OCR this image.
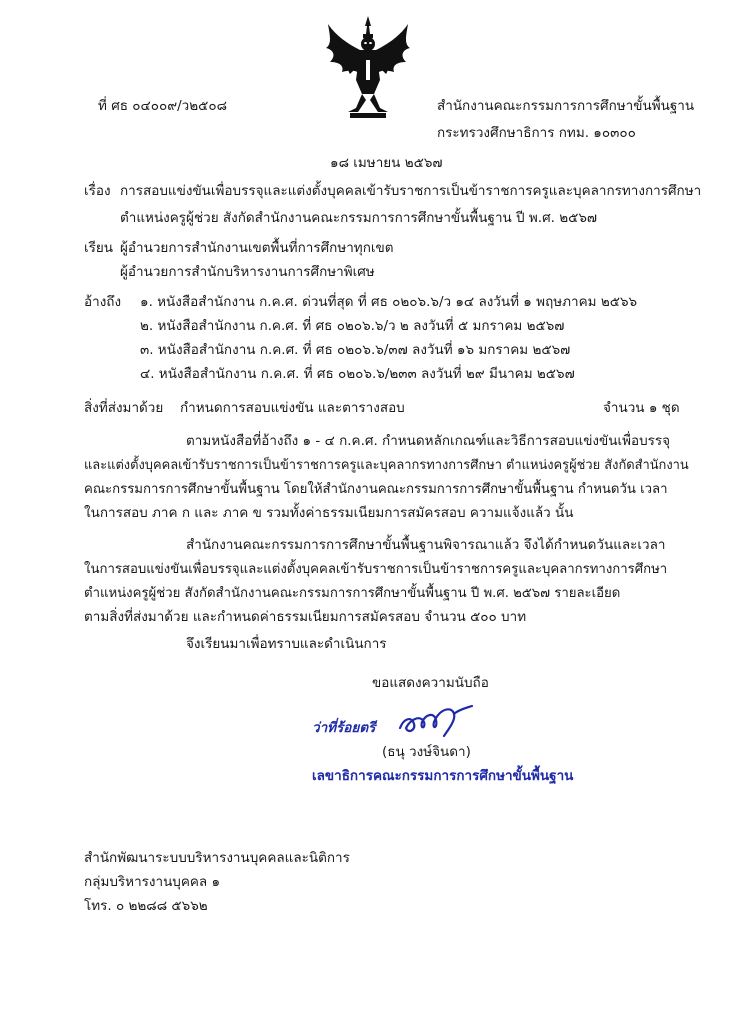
ที่ ศธ ๐๔๐๐๙/ว๒๕๐๘	สำนักงานคณะกรรมการการศึกษาขั้นพื้นฐาน
กระทรวงศึกษาธิการ กทม. ๑๐๓๐๐
๑๘ เมษายน ๒๕๖๗
เรื่อง การสอบแข่งขันเพื่อบรรจุและแต่งตั้งบุคคลเข้ารับราชการเป็นข้าราชการครูและบุคลากรทางการศึกษา
ตำแหน่งครูผู้ช่วย สังกัดสำนักงานคณะกรรมการการศึกษาขั้นพื้นฐาน ปี พ.ศ. ๒๕๖๗
เรียน ผู้อำนวยการสำนักงานเขตพื้นที่การศึกษาทุกเขต
ผู้อำนวยการสำนักบริหารงานการศึกษาพิเศษ
อ้างถึง ๑. หนังสือสำนักงาน ก.ค.ศ. ด่วนที่สุด ที่ ศธ ๐๒๐๖.๖/ว ๑๔ ลงวันที่ ๑ พฤษภาคม ๒๕๖๖
๒. หนังสือสำนักงาน ก.ค.ศ. ที่ ศธ ๐๒๐๖.๖/ว ๒ ลงวันที่ ๕ มกราคม ๒๕๖๗
๓. หนังสือสำนักงาน ก.ค.ศ. ที่ ศธ ๐๒๐๖.๖/๓๗ ลงวันที่ ๑๖ มกราคม ๒๕๖๗
๔. หนังสือสำนักงาน ก.ค.ศ. ที่ ศธ ๐๒๐๖.๖/๒๓๓ ลงวันที่ ๒๙ มีนาคม ๒๕๖๗
สิ่งที่ส่งมาด้วย กำหนดการสอบแข่งขัน และตารางสอบ	จำนวน ๑ ชุด
ตามหนังสือที่อ้างถึง ๑ - ๔ ก.ค.ศ. กำหนดหลักเกณฑ์และวิธีการสอบแข่งขันเพื่อบรรจุ
และแต่งตั้งบุคคลเข้ารับราชการเป็นข้าราชการครูและบุคลากรทางการศึกษา ตำแหน่งครูผู้ช่วย สังกัดสำนักงาน
คณะกรรมการการศึกษาขั้นพื้นฐาน โดยให้สำนักงานคณะกรรมการการศึกษาขั้นพื้นฐาน กำหนดวัน เวลา
ในการสอบ ภาค ก และ ภาค ข รวมทั้งค่าธรรมเนียมการสมัครสอบ ความแจ้งแล้ว นั้น
สำนักงานคณะกรรมการการศึกษาขั้นพื้นฐานพิจารณาแล้ว จึงได้กำหนดวันและเวลา
ในการสอบแข่งขันเพื่อบรรจุและแต่งตั้งบุคคลเข้ารับราชการเป็นข้าราชการครูและบุคลากรทางการศึกษา
ตำแหน่งครูผู้ช่วย สังกัดสำนักงานคณะกรรมการการศึกษาขั้นพื้นฐาน ปี พ.ศ. ๒๕๖๗ รายละเอียด
ตามสิ่งที่ส่งมาด้วย และกำหนดค่าธรรมเนียมการสมัครสอบ จำนวน ๕๐๐ บาท
จึงเรียนมาเพื่อทราบและดำเนินการ
ขอแสดงความนับถือ
ว่าที่ร้อยตรี
(ธนุ วงษ์จินดา)
เลขาธิการคณะกรรมการการศึกษาขั้นพื้นฐาน
สำนักพัฒนาระบบบริหารงานบุคคลและนิติการ
กลุ่มบริหารงานบุคคล ๑
โทร. ๐ ๒๒๘๘ ๕๖๖๒
